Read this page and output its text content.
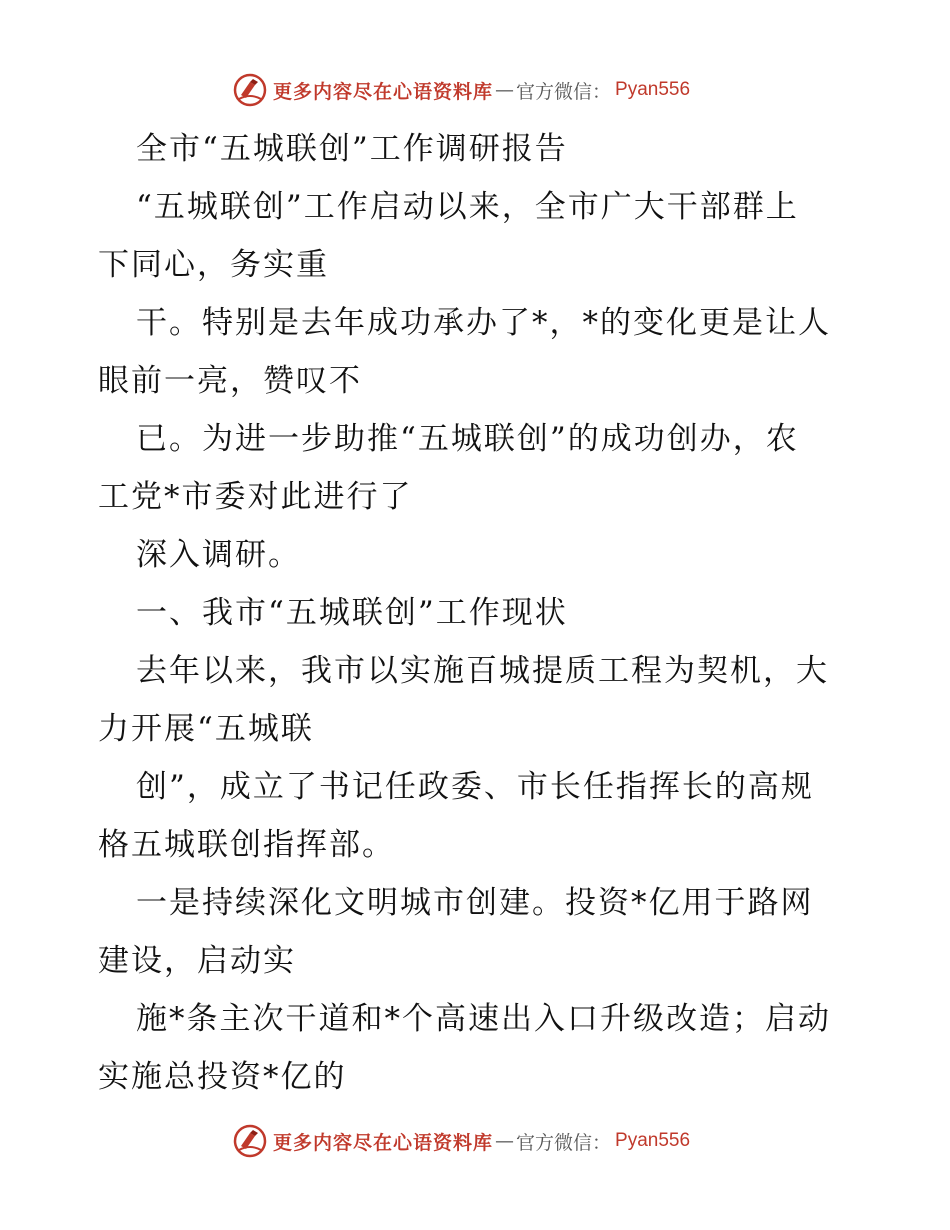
更多内容尽在心语资料库 — 官方微信： Pyan556
全市“五城联创”工作调研报告
“五城联创”工作启动以来，全市广大干部群上
下同心，务实重
干。特别是去年成功承办了*，*的变化更是让人
眼前一亮，赞叹不
已。为进一步助推“五城联创”的成功创办，农
工党*市委对此进行了
深入调研。
一、我市“五城联创”工作现状
去年以来，我市以实施百城提质工程为契机，大
力开展“五城联
创”，成立了书记任政委、市长任指挥长的高规
格五城联创指挥部。
一是持续深化文明城市创建。投资*亿用于路网
建设，启动实
施*条主次干道和*个高速出入口升级改造；启动
实施总投资*亿的
更多内容尽在心语资料库 — 官方微信： Pyan556
